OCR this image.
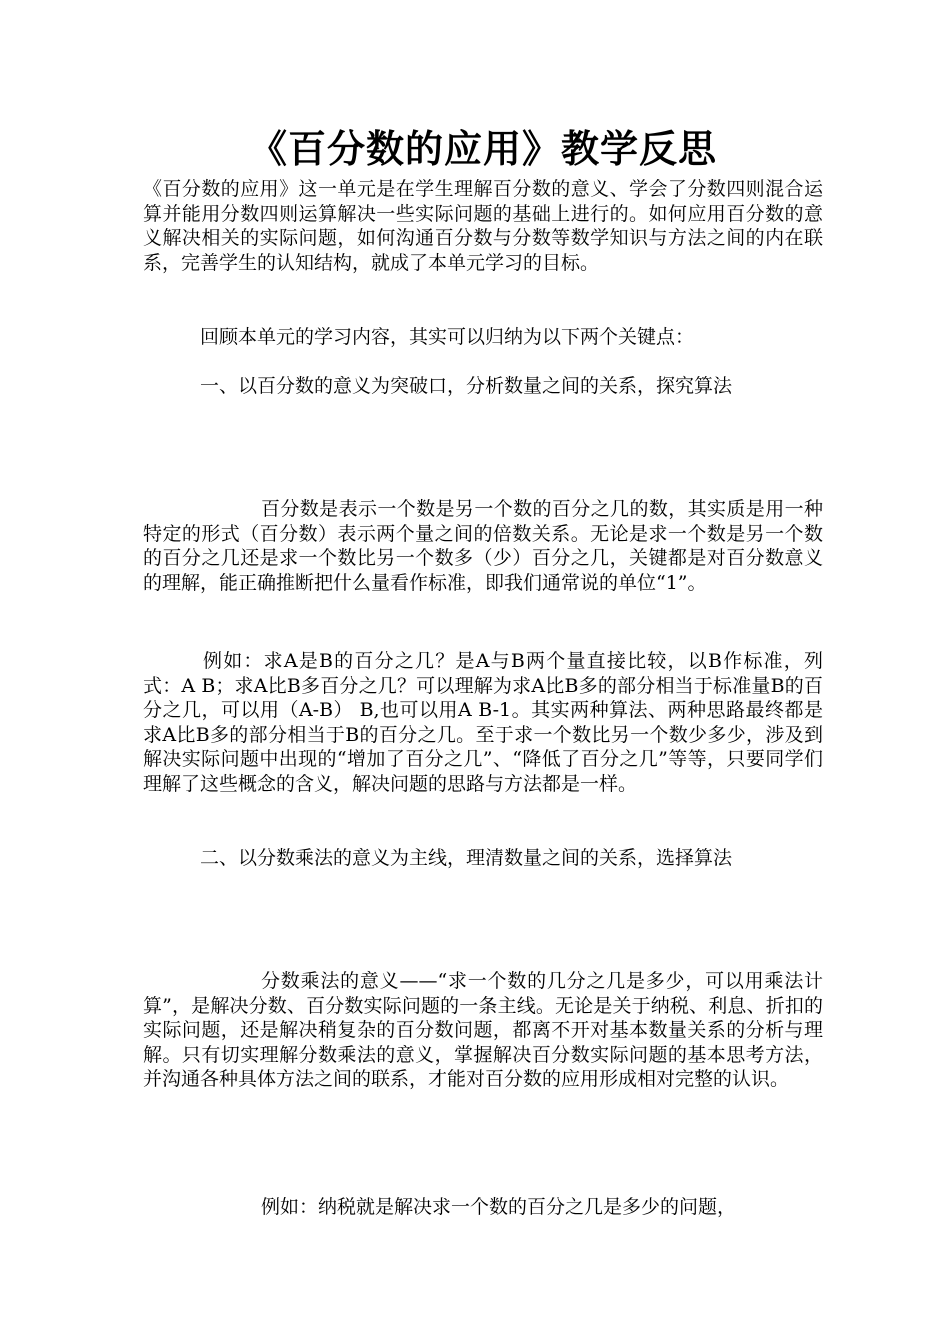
《百分数的应用》教学反思

《百分数的应用》这一单元是在学生理解百分数的意义、学会了分数四则混合运算并能用分数四则运算解决一些实际问题的基础上进行的。如何应用百分数的意义解决相关的实际问题，如何沟通百分数与分数等数学知识与方法之间的内在联系，完善学生的认知结构，就成了本单元学习的目标。

回顾本单元的学习内容，其实可以归纳为以下两个关键点：

一、以百分数的意义为突破口，分析数量之间的关系，探究算法

百分数是表示一个数是另一个数的百分之几的数，其实质是用一种特定的形式（百分数）表示两个量之间的倍数关系。无论是求一个数是另一个数的百分之几还是求一个数比另一个数多（少）百分之几，关键都是对百分数意义的理解，能正确推断把什么量看作标准，即我们通常说的单位“1”。

例如：求A是B的百分之几？是A与B两个量直接比较，以B作标准，列式：A B；求A比B多百分之几？可以理解为求A比B多的部分相当于标准量B的百分之几，可以用（A-B） B,也可以用A B-1。其实两种算法、两种思路最终都是求A比B多的部分相当于B的百分之几。至于求一个数比另一个数少多少，涉及到解决实际问题中出现的“增加了百分之几”、“降低了百分之几”等等，只要同学们理解了这些概念的含义，解决问题的思路与方法都是一样。

二、以分数乘法的意义为主线，理清数量之间的关系，选择算法

分数乘法的意义——“求一个数的几分之几是多少，可以用乘法计算”，是解决分数、百分数实际问题的一条主线。无论是关于纳税、利息、折扣的实际问题，还是解决稍复杂的百分数问题，都离不开对基本数量关系的分析与理解。只有切实理解分数乘法的意义，掌握解决百分数实际问题的基本思考方法，并沟通各种具体方法之间的联系，才能对百分数的应用形成相对完整的认识。

例如：纳税就是解决求一个数的百分之几是多少的问题，
